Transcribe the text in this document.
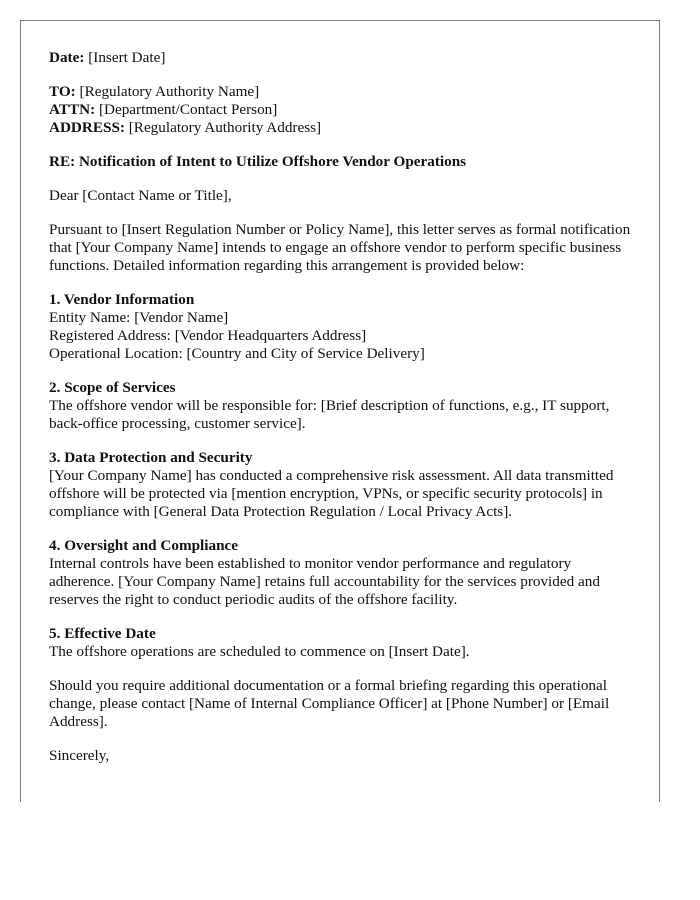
Date: [Insert Date]

TO: [Regulatory Authority Name]
ATTN: [Department/Contact Person]
ADDRESS: [Regulatory Authority Address]

RE: Notification of Intent to Utilize Offshore Vendor Operations

Dear [Contact Name or Title],

Pursuant to [Insert Regulation Number or Policy Name], this letter serves as formal notification that [Your Company Name] intends to engage an offshore vendor to perform specific business functions. Detailed information regarding this arrangement is provided below:

1. Vendor Information
Entity Name: [Vendor Name]
Registered Address: [Vendor Headquarters Address]
Operational Location: [Country and City of Service Delivery]
2. Scope of Services
The offshore vendor will be responsible for: [Brief description of functions, e.g., IT support, back-office processing, customer service].
3. Data Protection and Security
[Your Company Name] has conducted a comprehensive risk assessment. All data transmitted offshore will be protected via [mention encryption, VPNs, or specific security protocols] in compliance with [General Data Protection Regulation / Local Privacy Acts].
4. Oversight and Compliance
Internal controls have been established to monitor vendor performance and regulatory adherence. [Your Company Name] retains full accountability for the services provided and reserves the right to conduct periodic audits of the offshore facility.
5. Effective Date
The offshore operations are scheduled to commence on [Insert Date].

Should you require additional documentation or a formal briefing regarding this operational change, please contact [Name of Internal Compliance Officer] at [Phone Number] or [Email Address].

Sincerely,
